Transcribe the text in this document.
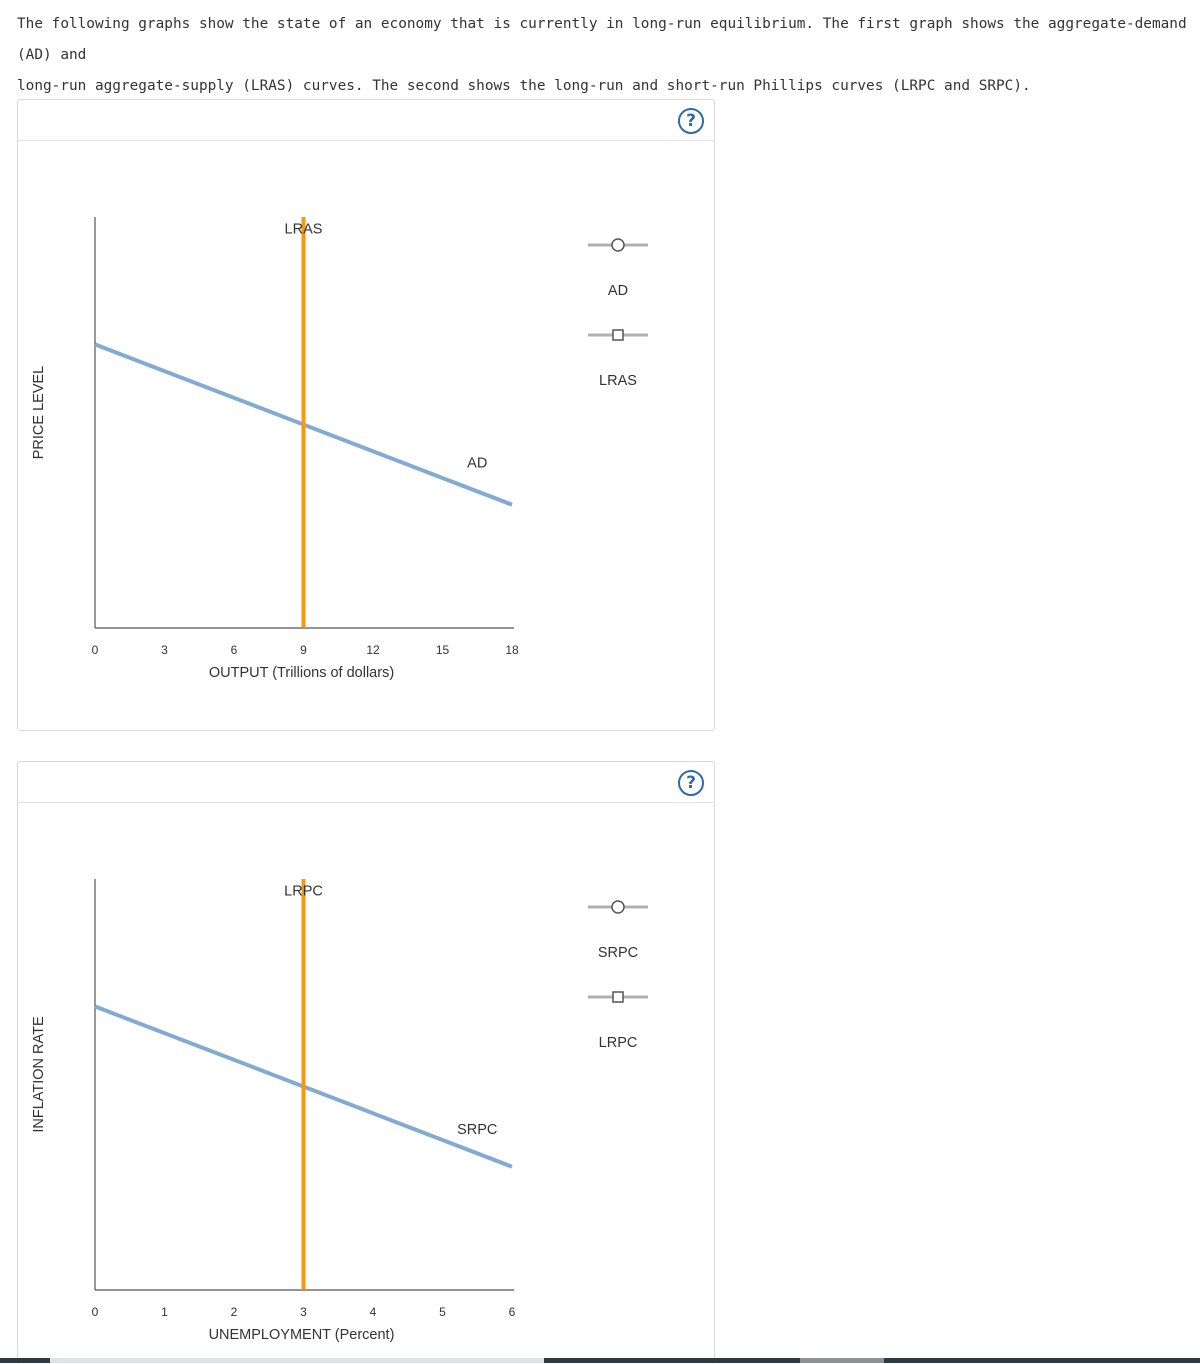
The following graphs show the state of an economy that is currently in long-run equilibrium. The first graph shows the aggregate-demand (AD) and
long-run aggregate-supply (LRAS) curves. The second shows the long-run and short-run Phillips curves (LRPC and SRPC).
?
0	3	6	9	12	15	18
OUTPUT (Trillions of dollars)
PRICE LEVEL
AD
LRAS
AD
LRAS
?
0	1	2	3	4	5	6
UNEMPLOYMENT (Percent)
INFLATION RATE	SRPC
LRPC
SRPC
LRPC
